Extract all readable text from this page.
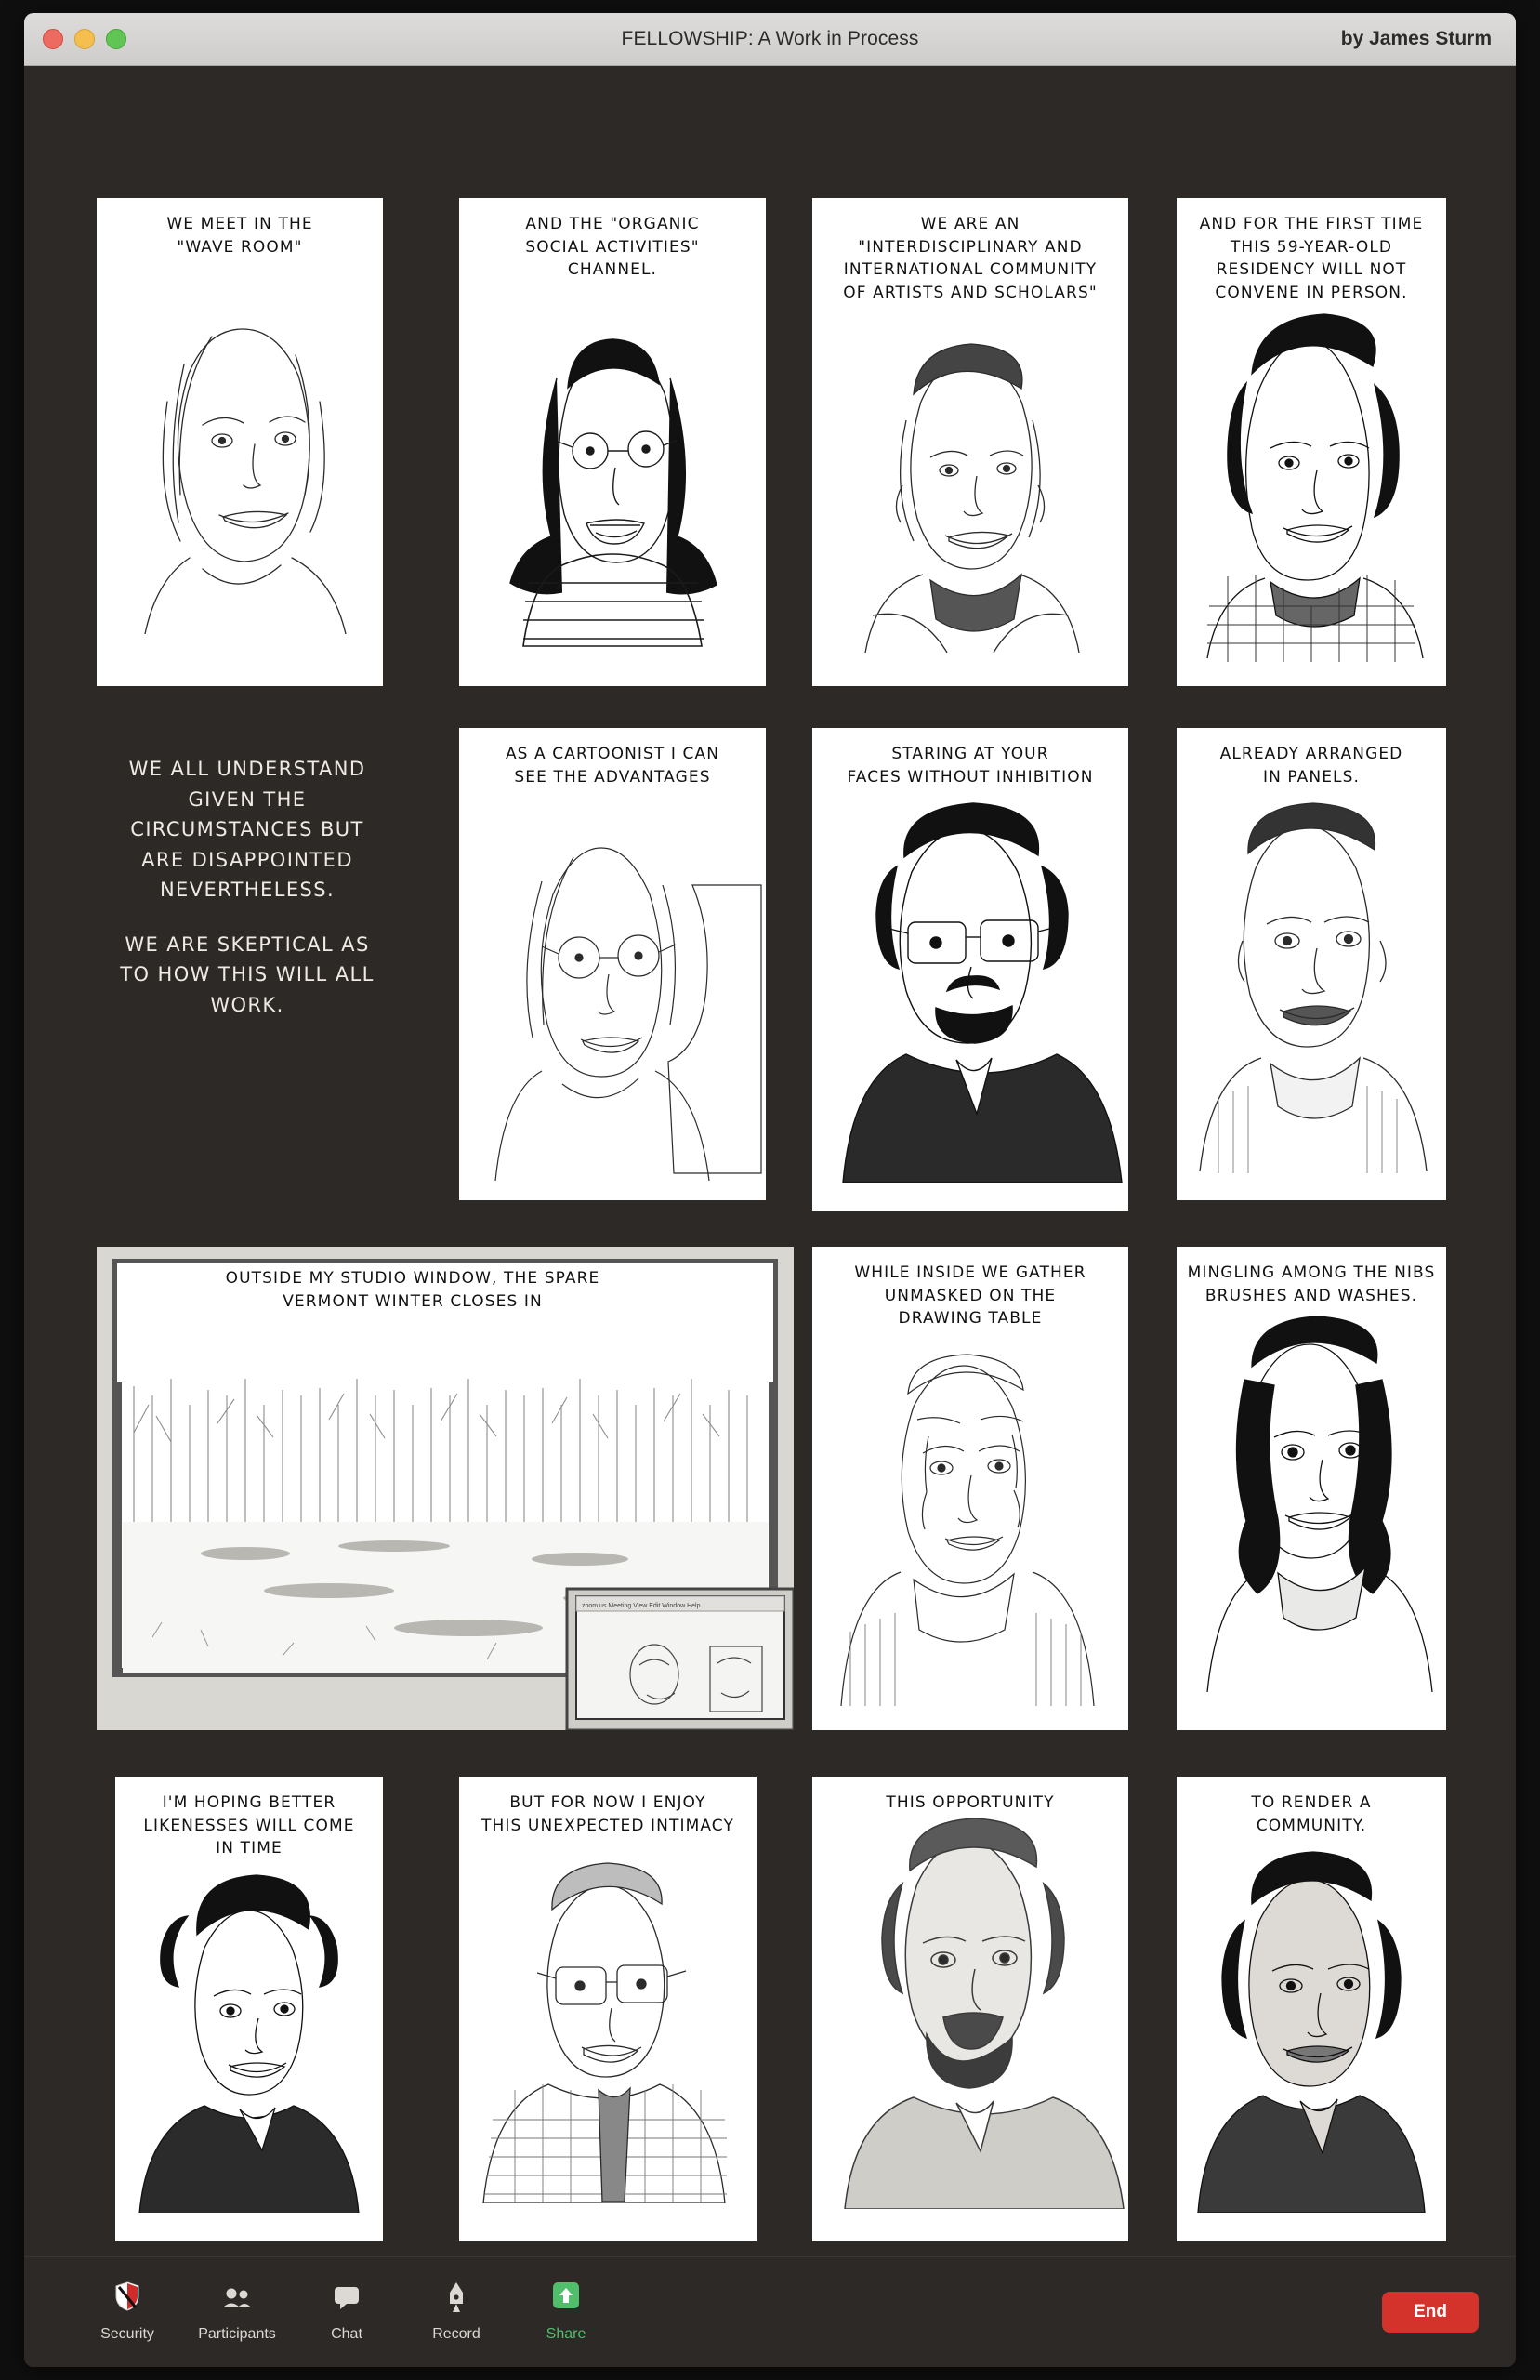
FELLOWSHIP: A Work in Process	by James Sturm
WE MEET IN THE
"WAVE ROOM"
AND THE "ORGANIC
SOCIAL ACTIVITIES"
CHANNEL.
WE ARE AN
"INTERDISCIPLINARY AND
INTERNATIONAL COMMUNITY
OF ARTISTS AND SCHOLARS"
AND FOR THE FIRST TIME
THIS 59-YEAR-OLD
RESIDENCY WILL NOT
CONVENE IN PERSON.

WE ALL UNDERSTAND GIVEN THE CIRCUMSTANCES BUT ARE DISAPPOINTED NEVERTHELESS.

WE ARE SKEPTICAL AS TO HOW THIS WILL ALL WORK.

AS A CARTOONIST I CAN
SEE THE ADVANTAGES
STARING AT YOUR
FACES WITHOUT INHIBITION
ALREADY ARRANGED
IN PANELS.
zoom.us Meeting View Edit Window Help
OUTSIDE MY STUDIO WINDOW, THE SPARE
VERMONT WINTER CLOSES IN
WHILE INSIDE WE GATHER
UNMASKED ON THE
DRAWING TABLE
MINGLING AMONG THE NIBS
BRUSHES AND WASHES.
I'M HOPING BETTER
LIKENESSES WILL COME
IN TIME
BUT FOR NOW I ENJOY
THIS UNEXPECTED INTIMACY
THIS OPPORTUNITY	TO RENDER A
COMMUNITY.
Security	Participants	Chat	Record	Share
End
